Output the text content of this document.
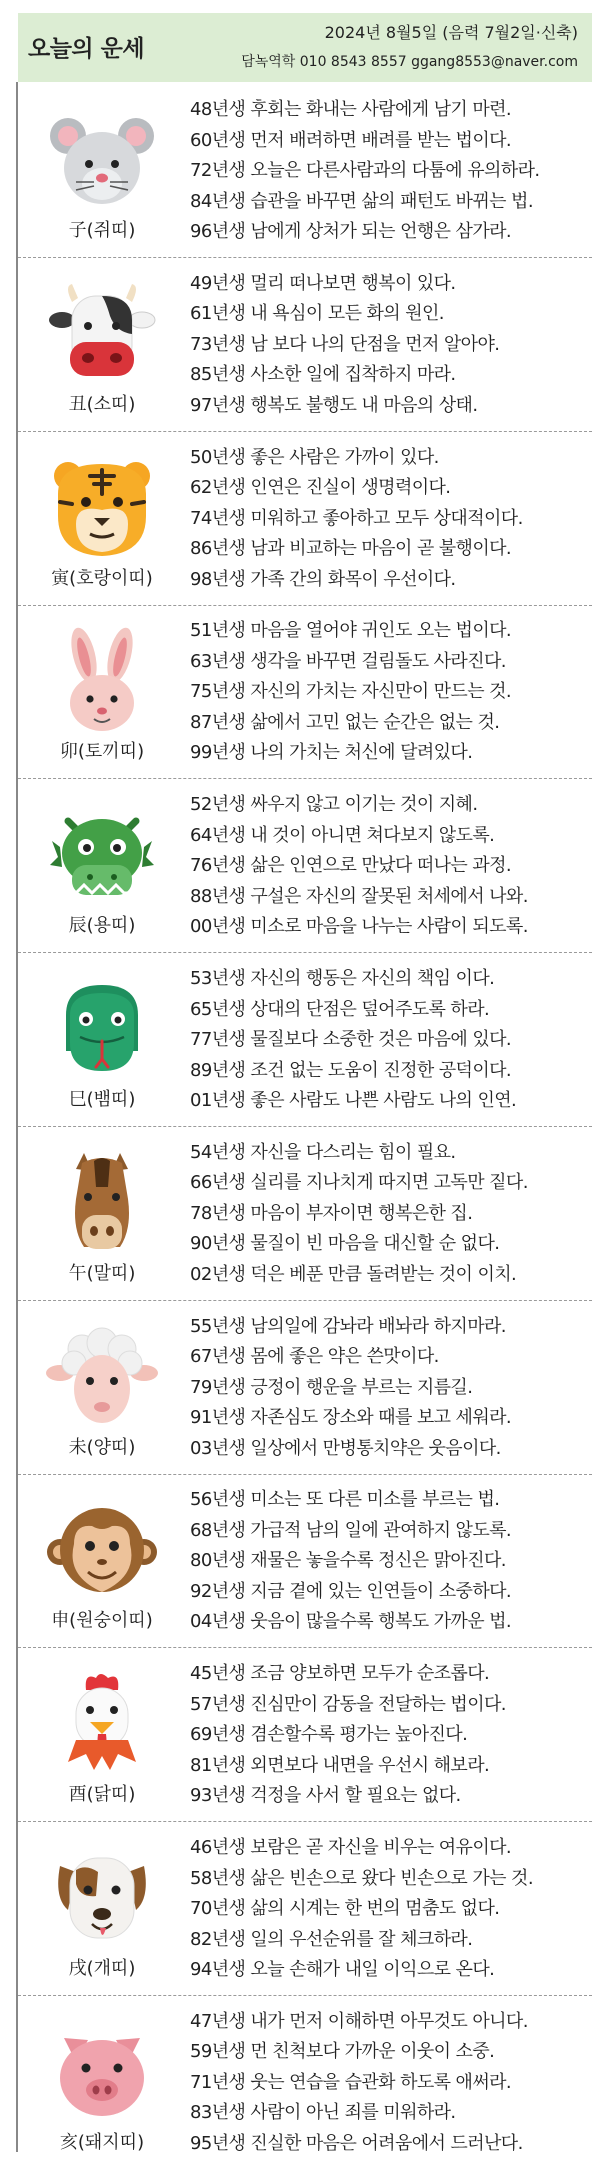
오늘의 운세
2024년 8월5일 (음력 7월2일·신축)
담녹역학 010 8543 8557 ggang8553@naver.com
子(쥐띠)
48년생 후회는 화내는 사람에게 남기 마련.
60년생 먼저 배려하면 배려를 받는 법이다.
72년생 오늘은 다른사람과의 다툼에 유의하라.
84년생 습관을 바꾸면 삶의 패턴도 바뀌는 법.
96년생 남에게 상처가 되는 언행은 삼가라.
丑(소띠)
49년생 멀리 떠나보면 행복이 있다.
61년생 내 욕심이 모든 화의 원인.
73년생 남 보다 나의 단점을 먼저 알아야.
85년생 사소한 일에 집착하지 마라.
97년생 행복도 불행도 내 마음의 상태.
寅(호랑이띠)
50년생 좋은 사람은 가까이 있다.
62년생 인연은 진실이 생명력이다.
74년생 미워하고 좋아하고 모두 상대적이다.
86년생 남과 비교하는 마음이 곧 불행이다.
98년생 가족 간의 화목이 우선이다.
卯(토끼띠)
51년생 마음을 열어야 귀인도 오는 법이다.
63년생 생각을 바꾸면 걸림돌도 사라진다.
75년생 자신의 가치는 자신만이 만드는 것.
87년생 삶에서 고민 없는 순간은 없는 것.
99년생 나의 가치는 처신에 달려있다.
辰(용띠)
52년생 싸우지 않고 이기는 것이 지혜.
64년생 내 것이 아니면 쳐다보지 않도록.
76년생 삶은 인연으로 만났다 떠나는 과정.
88년생 구설은 자신의 잘못된 처세에서 나와.
00년생 미소로 마음을 나누는 사람이 되도록.
巳(뱀띠)
53년생 자신의 행동은 자신의 책임 이다.
65년생 상대의 단점은 덮어주도록 하라.
77년생 물질보다 소중한 것은 마음에 있다.
89년생 조건 없는 도움이 진정한 공덕이다.
01년생 좋은 사람도 나쁜 사람도 나의 인연.
午(말띠)
54년생 자신을 다스리는 힘이 필요.
66년생 실리를 지나치게 따지면 고독만 짙다.
78년생 마음이 부자이면 행복은한 집.
90년생 물질이 빈 마음을 대신할 순 없다.
02년생 덕은 베푼 만큼 돌려받는 것이 이치.
未(양띠)
55년생 남의일에 감놔라 배놔라 하지마라.
67년생 몸에 좋은 약은 쓴맛이다.
79년생 긍정이 행운을 부르는 지름길.
91년생 자존심도 장소와 때를 보고 세워라.
03년생 일상에서 만병통치약은 웃음이다.
申(원숭이띠)
56년생 미소는 또 다른 미소를 부르는 법.
68년생 가급적 남의 일에 관여하지 않도록.
80년생 재물은 놓을수록 정신은 맑아진다.
92년생 지금 곁에 있는 인연들이 소중하다.
04년생 웃음이 많을수록 행복도 가까운 법.
酉(닭띠)
45년생 조금 양보하면 모두가 순조롭다.
57년생 진심만이 감동을 전달하는 법이다.
69년생 겸손할수록 평가는 높아진다.
81년생 외면보다 내면을 우선시 해보라.
93년생 걱정을 사서 할 필요는 없다.
戌(개띠)
46년생 보람은 곧 자신을 비우는 여유이다.
58년생 삶은 빈손으로 왔다 빈손으로 가는 것.
70년생 삶의 시계는 한 번의 멈춤도 없다.
82년생 일의 우선순위를 잘 체크하라.
94년생 오늘 손해가 내일 이익으로 온다.
亥(돼지띠)
47년생 내가 먼저 이해하면 아무것도 아니다.
59년생 먼 친척보다 가까운 이웃이 소중.
71년생 웃는 연습을 습관화 하도록 애써라.
83년생 사람이 아닌 죄를 미워하라.
95년생 진실한 마음은 어려움에서 드러난다.
